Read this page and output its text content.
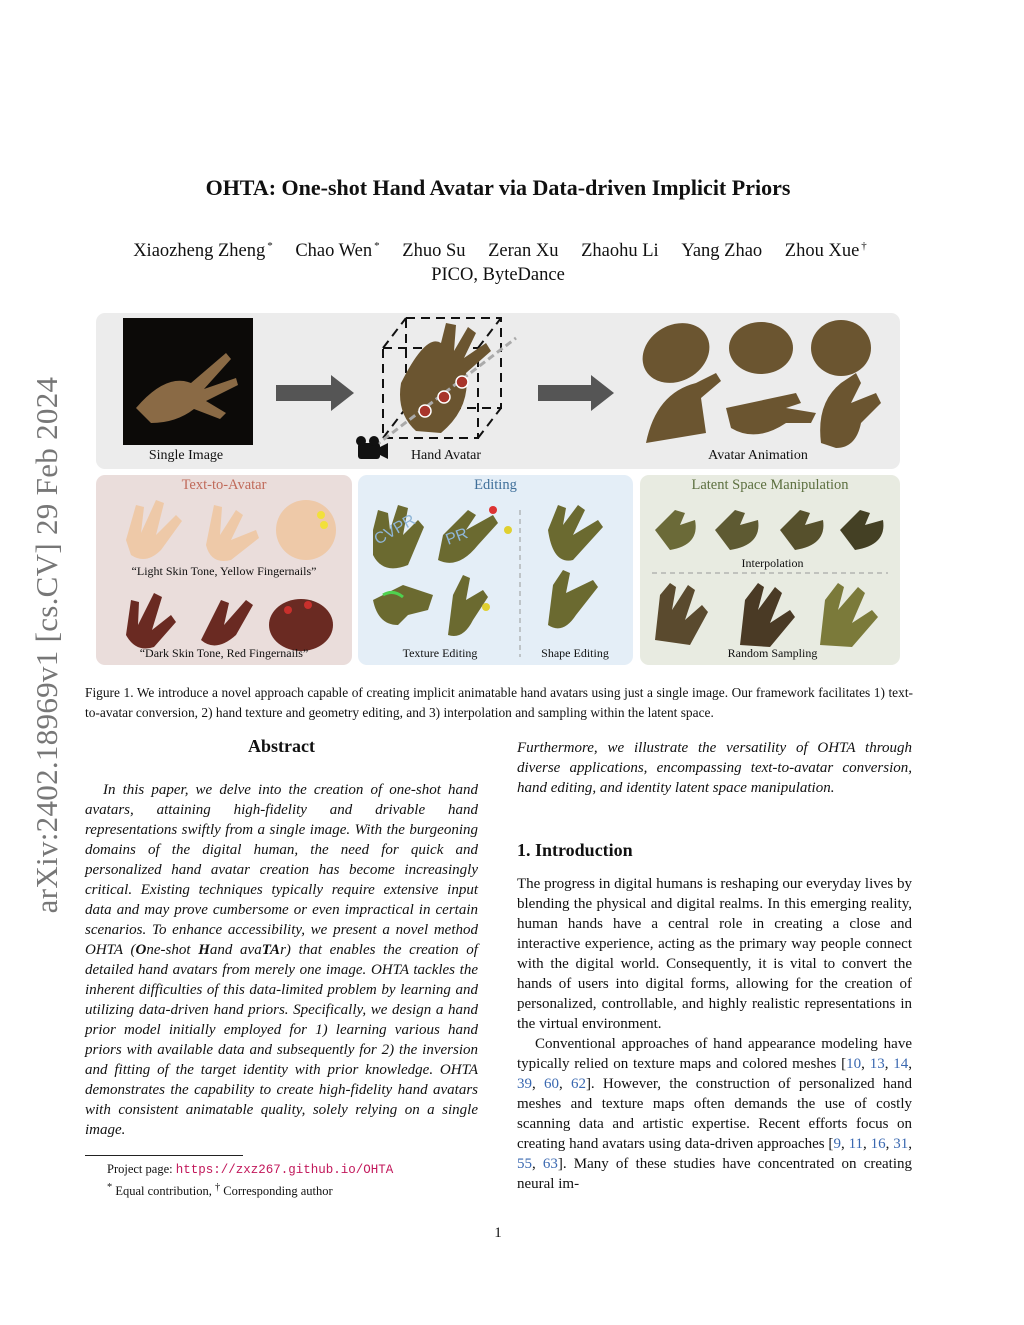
arXiv:2402.18969v1 [cs.CV] 29 Feb 2024
OHTA: One-shot Hand Avatar via Data-driven Implicit Priors
Xiaozheng Zheng * Chao Wen * Zhuo Su Zeran Xu Zhaohu Li Yang Zhao Zhou Xue †
PICO, ByteDance
Single Image	Hand Avatar	Avatar Animation
Text-to-Avatar
“Light Skin Tone, Yellow Fingernails”
“Dark Skin Tone, Red Fingernails”
CVPR PR
Editing
Texture Editing	Shape Editing
Latent Space Manipulation
Interpolation
Random Sampling
Figure 1. We introduce a novel approach capable of creating implicit animatable hand avatars using just a single image. Our framework facilitates 1) text-to-avatar conversion, 2) hand texture and geometry editing, and 3) interpolation and sampling within the latent space.
Abstract
In this paper, we delve into the creation of one-shot hand avatars, attaining high-fidelity and drivable hand representations swiftly from a single image. With the burgeoning domains of the digital human, the need for quick and personalized hand avatar creation has become increasingly critical. Existing techniques typically require extensive input data and may prove cumbersome or even impractical in certain scenarios. To enhance accessibility, we present a novel method OHTA (One-shot Hand avaTAr) that enables the creation of detailed hand avatars from merely one image. OHTA tackles the inherent difficulties of this data-limited problem by learning and utilizing data-driven hand priors. Specifically, we design a hand prior model initially employed for 1) learning various hand priors with available data and subsequently for 2) the inversion and fitting of the target identity with prior knowledge. OHTA demonstrates the capability to create high-fidelity hand avatars with consistent animatable quality, solely relying on a single image.
Project page: https://zxz267.github.io/OHTA
* Equal contribution, † Corresponding author
Furthermore, we illustrate the versatility of OHTA through diverse applications, encompassing text-to-avatar conversion, hand editing, and identity latent space manipulation.
1. Introduction

The progress in digital humans is reshaping our everyday lives by blending the physical and digital realms. In this emerging reality, human hands have a central role in creating a close and interactive experience, acting as the primary way people connect with the digital world. Consequently, it is vital to convert the hands of users into digital forms, allowing for the creation of personalized, controllable, and highly realistic representations in the virtual environment.

Conventional approaches of hand appearance modeling have typically relied on texture maps and colored meshes [10, 13, 14, 39, 60, 62]. However, the construction of personalized hand meshes and texture maps often demands the use of costly scanning data and artistic expertise. Recent efforts focus on creating hand avatars using data-driven approaches [9, 11, 16, 31, 55, 63]. Many of these studies have concentrated on creating neural im-

1
